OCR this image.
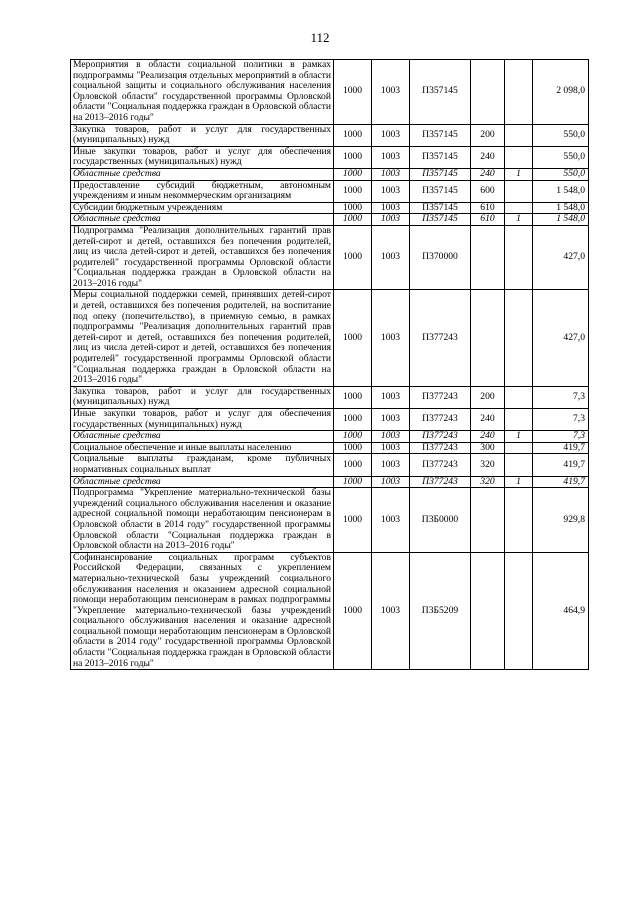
112
Мероприятия в области социальной политики в рамках подпрограммы "Реализация отдельных мероприятий в области социальной защиты и социального обслуживания населения Орловской области" государственной программы Орловской области "Социальная поддержка граждан в Орловской области на 2013–2016 годы"	1000	1003	П357145			2 098,0
Закупка товаров, работ и услуг для государственных (муниципальных) нужд	1000	1003	П357145	200		550,0
Иные закупки товаров, работ и услуг для обеспечения государственных (муниципальных) нужд	1000	1003	П357145	240		550,0
Областные средства	1000	1003	П357145	240	1	550,0
Предоставление субсидий бюджетным, автономным учреждениям и иным некоммерческим организациям	1000	1003	П357145	600		1 548,0
Субсидии бюджетным учреждениям	1000	1003	П357145	610		1 548,0
Областные средства	1000	1003	П357145	610	1	1 548,0
Подпрограмма "Реализация дополнительных гарантий прав детей-сирот и детей, оставшихся без попечения родителей, лиц из числа детей-сирот и детей, оставшихся без попечения родителей" государственной программы Орловской области "Социальная поддержка граждан в Орловской области на 2013–2016 годы"	1000	1003	П370000			427,0
Меры социальной поддержки семей, принявших детей-сирот и детей, оставшихся без попечения родителей, на воспитание под опеку (попечительство), в приемную семью, в рамках подпрограммы "Реализация дополнительных гарантий прав детей-сирот и детей, оставшихся без попечения родителей, лиц из числа детей-сирот и детей, оставшихся без попечения родителей" государственной программы Орловской области "Социальная поддержка граждан в Орловской области на 2013–2016 годы"	1000	1003	П377243			427,0
Закупка товаров, работ и услуг для государственных (муниципальных) нужд	1000	1003	П377243	200		7,3
Иные закупки товаров, работ и услуг для обеспечения государственных (муниципальных) нужд	1000	1003	П377243	240		7,3
Областные средства	1000	1003	П377243	240	1	7,3
Социальное обеспечение и иные выплаты населению	1000	1003	П377243	300		419,7
Социальные выплаты гражданам, кроме публичных нормативных социальных выплат	1000	1003	П377243	320		419,7
Областные средства	1000	1003	П377243	320	1	419,7
Подпрограмма "Укрепление материально-технической базы учреждений социального обслуживания населения и оказание адресной социальной помощи неработающим пенсионерам в Орловской области в 2014 году" государственной программы Орловской области "Социальная поддержка граждан в Орловской области на 2013–2016 годы"	1000	1003	П3Б0000			929,8
Софинансирование социальных программ субъектов Российской Федерации, связанных с укреплением материально-технической базы учреждений социального обслуживания населения и оказанием адресной социальной помощи неработающим пенсионерам в рамках подпрограммы "Укрепление материально-технической базы учреждений социального обслуживания населения и оказание адресной социальной помощи неработающим пенсионерам в Орловской области в 2014 году" государственной программы Орловской области "Социальная поддержка граждан в Орловской области на 2013–2016 годы"	1000	1003	П3Б5209			464,9
